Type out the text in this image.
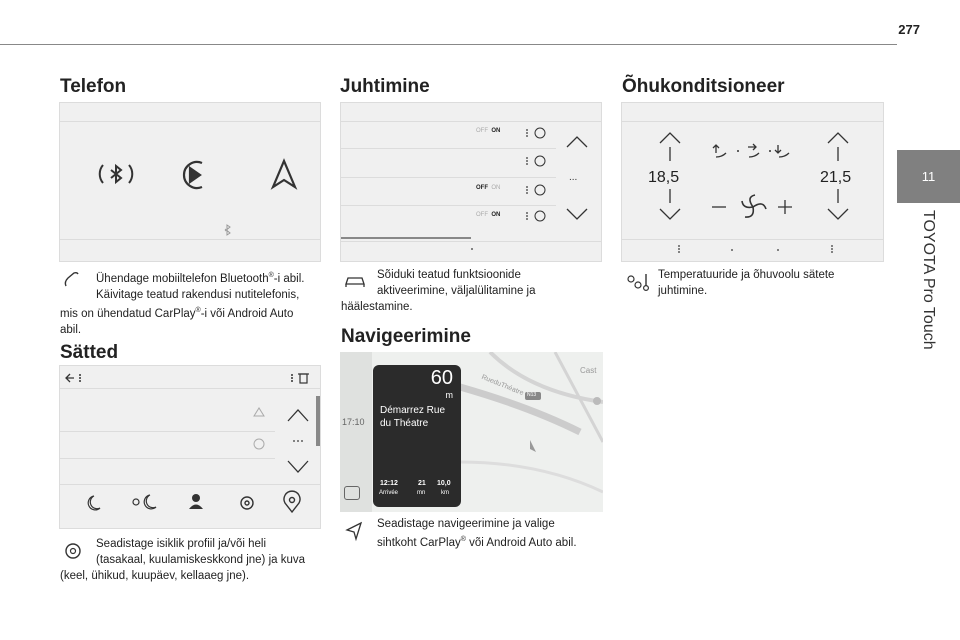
277
11
TOYOTA Pro Touch
Telefon
Ühendage mobiiltelefon Bluetooth®-i abil.
Käivitage teatud rakendusi nutitelefonis,
mis on ühendatud CarPlay®-i või Android Auto
abil.
Sätted
Seadistage isiklik profiil ja/või heli
(tasakaal, kuulamiskeskkond jne) ja kuva
(keel, ühikud, kuupäev, kellaaeg jne).
Juhtimine
OFF ON
OFF ON
OFF ON
...
Sõiduki teatud funktsioonide
aktiveerimine, väljalülitamine ja
häälestamine.
Navigeerimine
17:10
RueduThéatre N13
Cast
60
m
Démarrez Rue
du Théatre
12:12
Arrivée
21
mn
10,0
km
Seadistage navigeerimine ja valige
sihtkoht CarPlay® või Android Auto abil.
Õhukonditsioneer
18,5	21,5
Temperatuuride ja õhuvoolu sätete
juhtimine.
